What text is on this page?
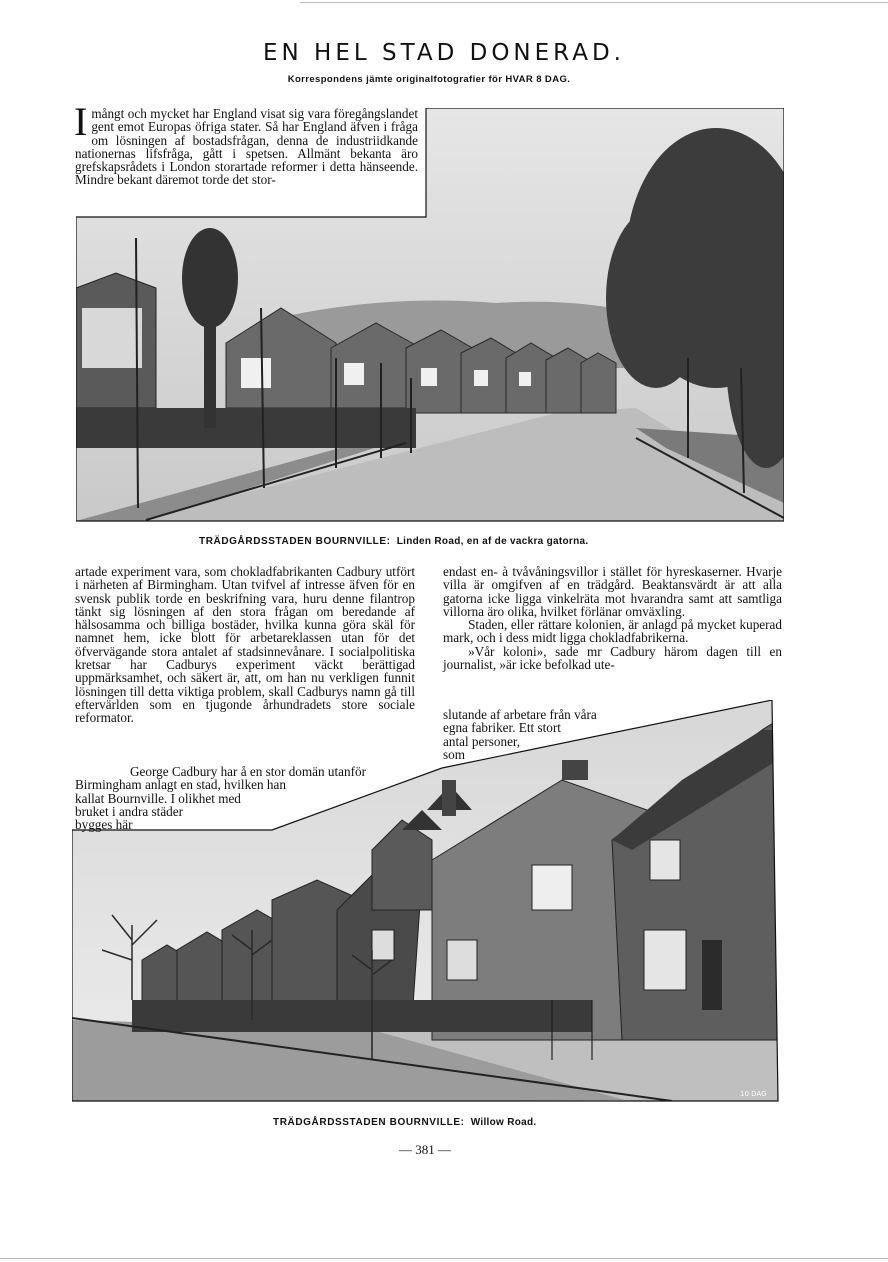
EN HEL STAD DONERAD.
Korrespondens jämte originalfotografier för HVAR 8 DAG.
Imångt och mycket har England visat sig vara föregångslandet gent emot Europas öfriga stater. Så har England äfven i fråga om lösningen af bostadsfrågan, denna de industriidkande nationernas lifsfråga, gått i spetsen. Allmänt bekanta äro grefskapsrådets i London storartade reformer i detta hänseende. Mindre bekant däremot torde det stor-
TRÄDGÅRDSSTADEN BOURNVILLE: Linden Road, en af de vackra gatorna.
10 DAG

artade experiment vara, som chokladfabrikanten Cadbury utfört i närheten af Birmingham. Utan tvifvel af intresse äfven för en svensk publik torde en beskrifning vara, huru denne filantrop tänkt sig lösningen af den stora frågan om beredande af hälsosamma och billiga bostäder, hvilka kunna göra skäl för namnet hem, icke blott för arbetareklassen utan för det öfvervägande stora antalet af stadsinnevånare. I socialpolitiska kretsar har Cadburys experiment väckt berättigad uppmärksamhet, och säkert är, att, om han nu verkligen funnit lösningen till detta viktiga problem, skall Cadburys namn gå till eftervärlden som en tjugonde århundradets store sociale reformator.

George Cadbury har å en stor domän utanför
Birmingham anlagt en stad, hvilken han
kallat Bournville. I olikhet med
bruket i andra städer
bygges här

endast en- à tvåvåningsvillor i stället för hyreskaserner. Hvarje villa är omgifven af en trädgård. Beaktansvärdt är att alla gatorna icke ligga vinkelräta mot hvarandra samt att samtliga villorna äro olika, hvilket förlänar omväxling.

Staden, eller rättare kolonien, är anlagd på mycket kuperad mark, och i dess midt ligga chokladfabrikerna.

»Vår koloni», sade mr Cadbury härom dagen till en journalist, »är icke befolkad ute-

slutande af arbetare från våra
egna fabriker. Ett stort
antal personer,
som
TRÄDGÅRDSSTADEN BOURNVILLE: Willow Road.
— 381 —
